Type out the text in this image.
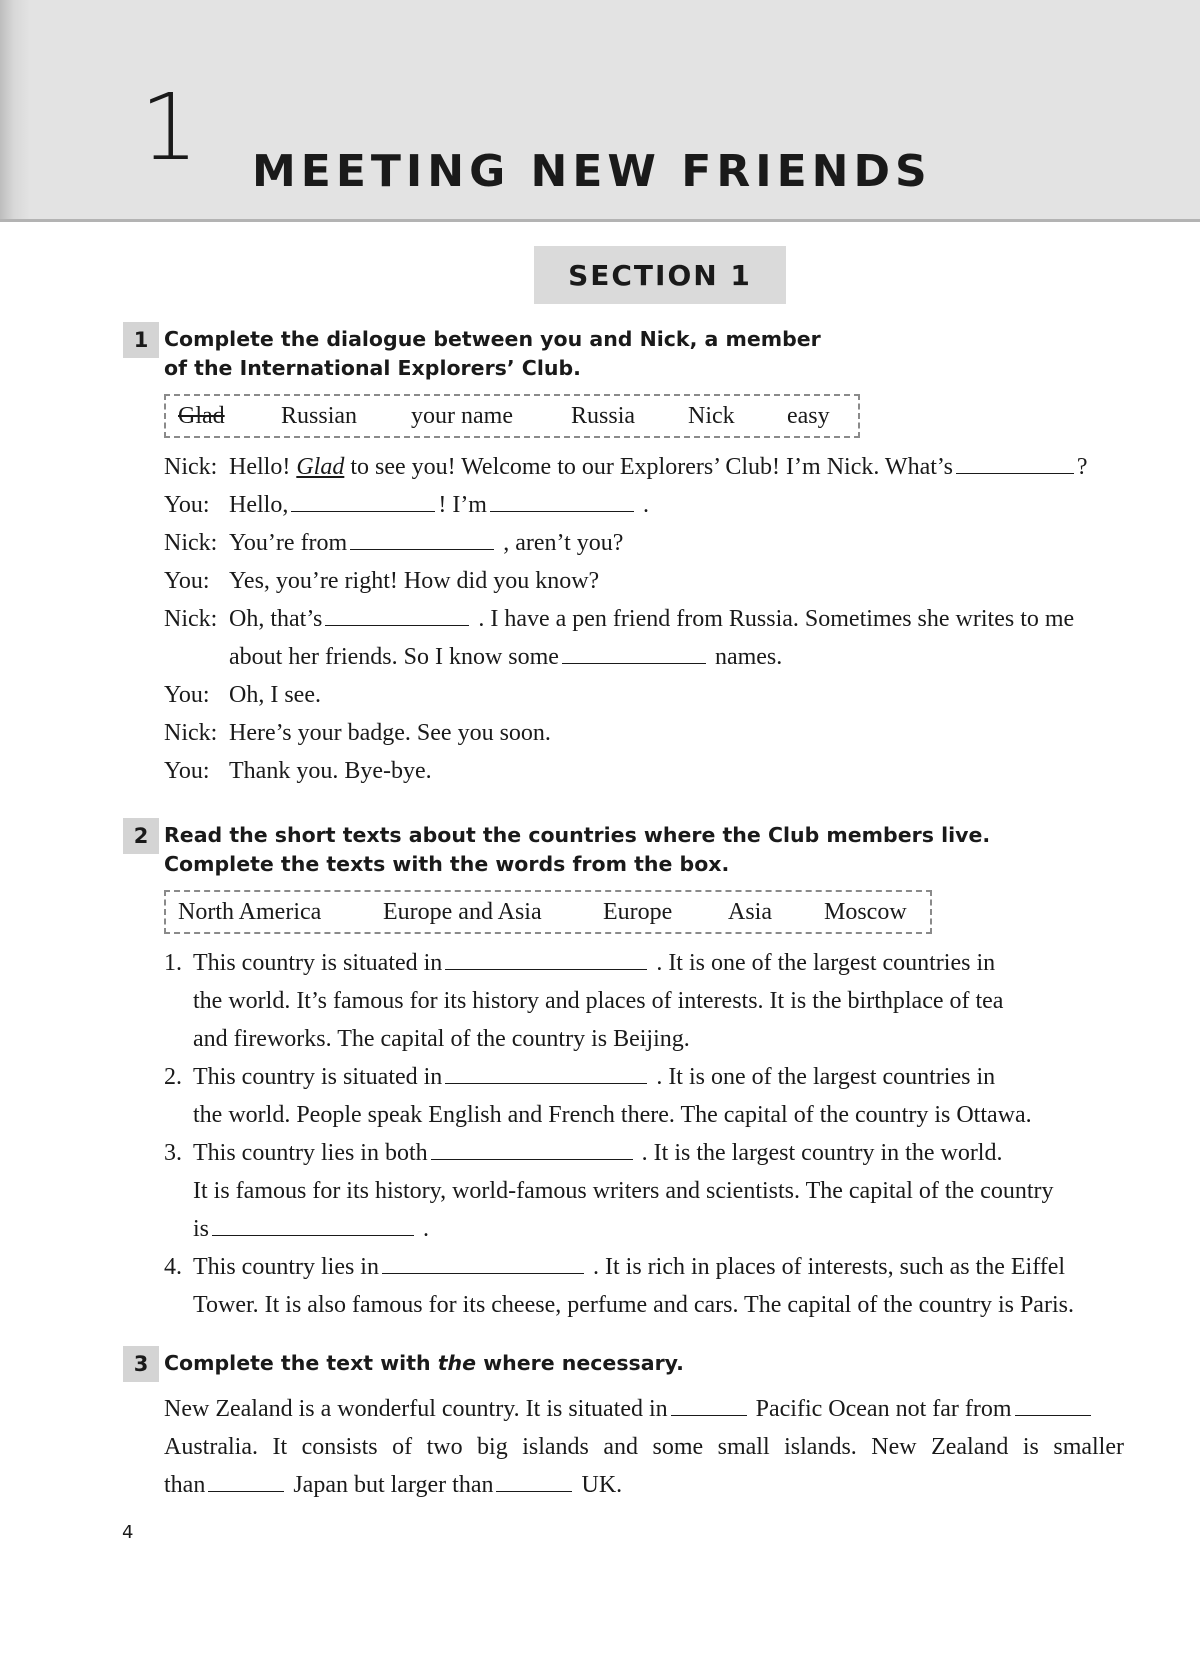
1 MEETING NEW FRIENDS
SECTION 1
1 Complete the dialogue between you and Nick, a member
of the International Explorers’ Club.
Glad	Russian	your name	Russia	Nick	easy
Nick: Hello! Glad to see you! Welcome to our Explorers’ Club! I’m Nick. What’s	?
You: Hello,	! I’m	.
Nick: You’re from	, aren’t you?
You: Yes, you’re right! How did you know?
Nick: Oh, that’s	. I have a pen friend from Russia. Sometimes she writes to me
about her friends. So I know some	names.
You: Oh, I see.
Nick: Here’s your badge. See you soon.
You: Thank you. Bye-bye.
2 Read the short texts about the countries where the Club members live.
Complete the texts with the words from the box.
North America	Europe and Asia	Europe	Asia	Moscow
1. This country is situated in	. It is one of the largest countries in
the world. It’s famous for its history and places of interests. It is the birthplace of tea
and fireworks. The capital of the country is Beijing.
2. This country is situated in	. It is one of the largest countries in
the world. People speak English and French there. The capital of the country is Ottawa.
3. This country lies in both	. It is the largest country in the world.
It is famous for its history, world-famous writers and scientists. The capital of the country
is	.
4. This country lies in	. It is rich in places of interests, such as the Eiffel
Tower. It is also famous for its cheese, perfume and cars. The capital of the country is Paris.
3 Complete the text with the where necessary.
New Zealand is a wonderful country. It is situated in	Pacific Ocean not far from
Australia. It consists of two big islands and some small islands. New Zealand is smaller
than	Japan but larger than	UK.
4
